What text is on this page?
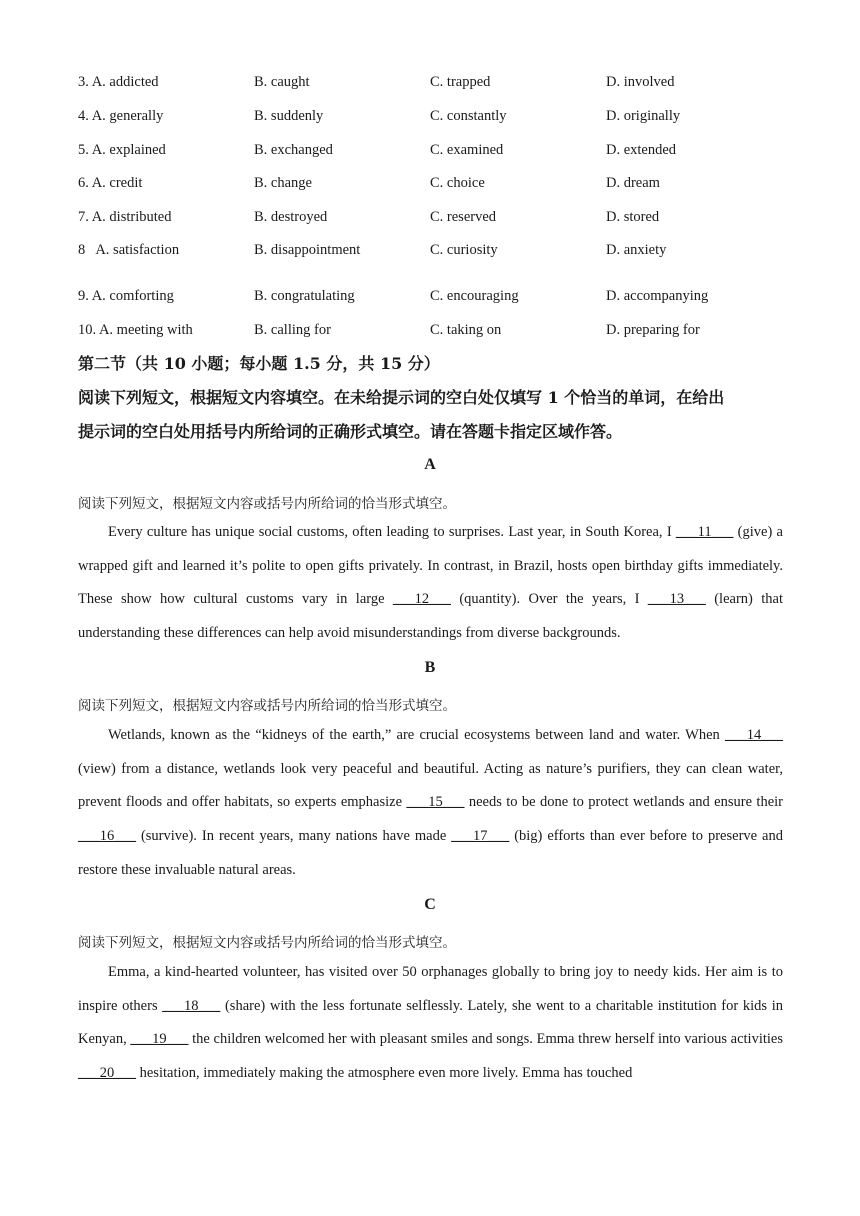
3. A. addicted	B. caught	C. trapped	D. involved
4. A. generally	B. suddenly	C. constantly	D. originally
5. A. explained	B. exchanged	C. examined	D. extended
6. A. credit	B. change	C. choice	D. dream
7. A. distributed	B. destroyed	C. reserved	D. stored
8   A. satisfaction	B. disappointment	C. curiosity	D. anxiety
9. A. comforting	B. congratulating	C. encouraging	D. accompanying
10. A. meeting with	B. calling for	C. taking on	D. preparing for
第二节（共 10 小题；每小题 1.5 分，共 15 分）
阅读下列短文，根据短文内容填空。在未给提示词的空白处仅填写 1 个恰当的单词，在给出
提示词的空白处用括号内所给词的正确形式填空。请在答题卡指定区域作答。
A
阅读下列短文，根据短文内容或括号内所给词的恰当形式填空。
Every culture has unique social customs, often leading to surprises. Last year, in South Korea, I ___11___ (give) a wrapped gift and learned it’s polite to open gifts privately. In contrast, in Brazil, hosts open birthday gifts immediately. These show how cultural customs vary in large ___12___ (quantity). Over the years, I ___13___ (learn) that understanding these differences can help avoid misunderstandings from diverse backgrounds.
B
阅读下列短文，根据短文内容或括号内所给词的恰当形式填空。
Wetlands, known as the “kidneys of the earth,” are crucial ecosystems between land and water. When ___14___ (view) from a distance, wetlands look very peaceful and beautiful. Acting as nature’s purifiers, they can clean water, prevent floods and offer habitats, so experts emphasize ___15___ needs to be done to protect wetlands and ensure their ___16___ (survive). In recent years, many nations have made ___17___ (big) efforts than ever before to preserve and restore these invaluable natural areas.
C
阅读下列短文，根据短文内容或括号内所给词的恰当形式填空。
Emma, a kind-hearted volunteer, has visited over 50 orphanages globally to bring joy to needy kids. Her aim is to inspire others ___18___ (share) with the less fortunate selflessly. Lately, she went to a charitable institution for kids in Kenyan, ___19___ the children welcomed her with pleasant smiles and songs. Emma threw herself into various activities ___20___ hesitation, immediately making the atmosphere even more lively. Emma has touched
